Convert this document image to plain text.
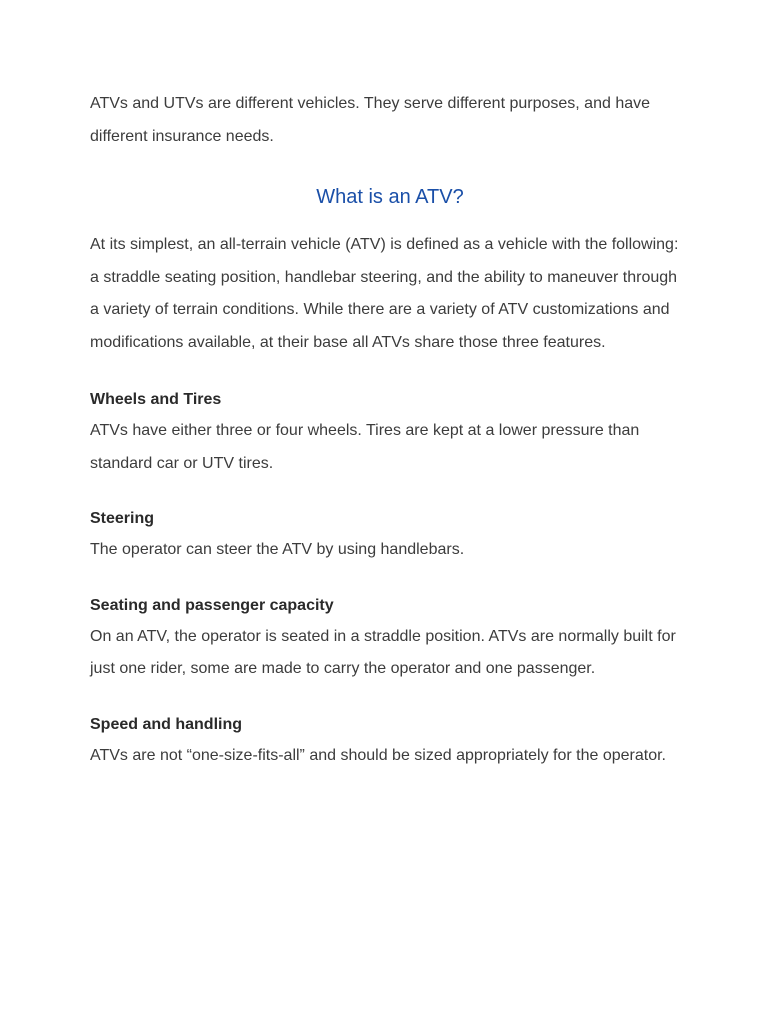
ATVs and UTVs are different vehicles. They serve different purposes, and have different insurance needs.

What is an ATV?

At its simplest, an all-terrain vehicle (ATV) is defined as a vehicle with the following: a straddle seating position, handlebar steering, and the ability to maneuver through a variety of terrain conditions. While there are a variety of ATV customizations and modifications available, at their base all ATVs share those three features.

Wheels and Tires

ATVs have either three or four wheels. Tires are kept at a lower pressure than standard car or UTV tires.

Steering

The operator can steer the ATV by using handlebars.

Seating and passenger capacity

On an ATV, the operator is seated in a straddle position. ATVs are normally built for just one rider, some are made to carry the operator and one passenger.

Speed and handling

ATVs are not “one-size-fits-all” and should be sized appropriately for the operator.
